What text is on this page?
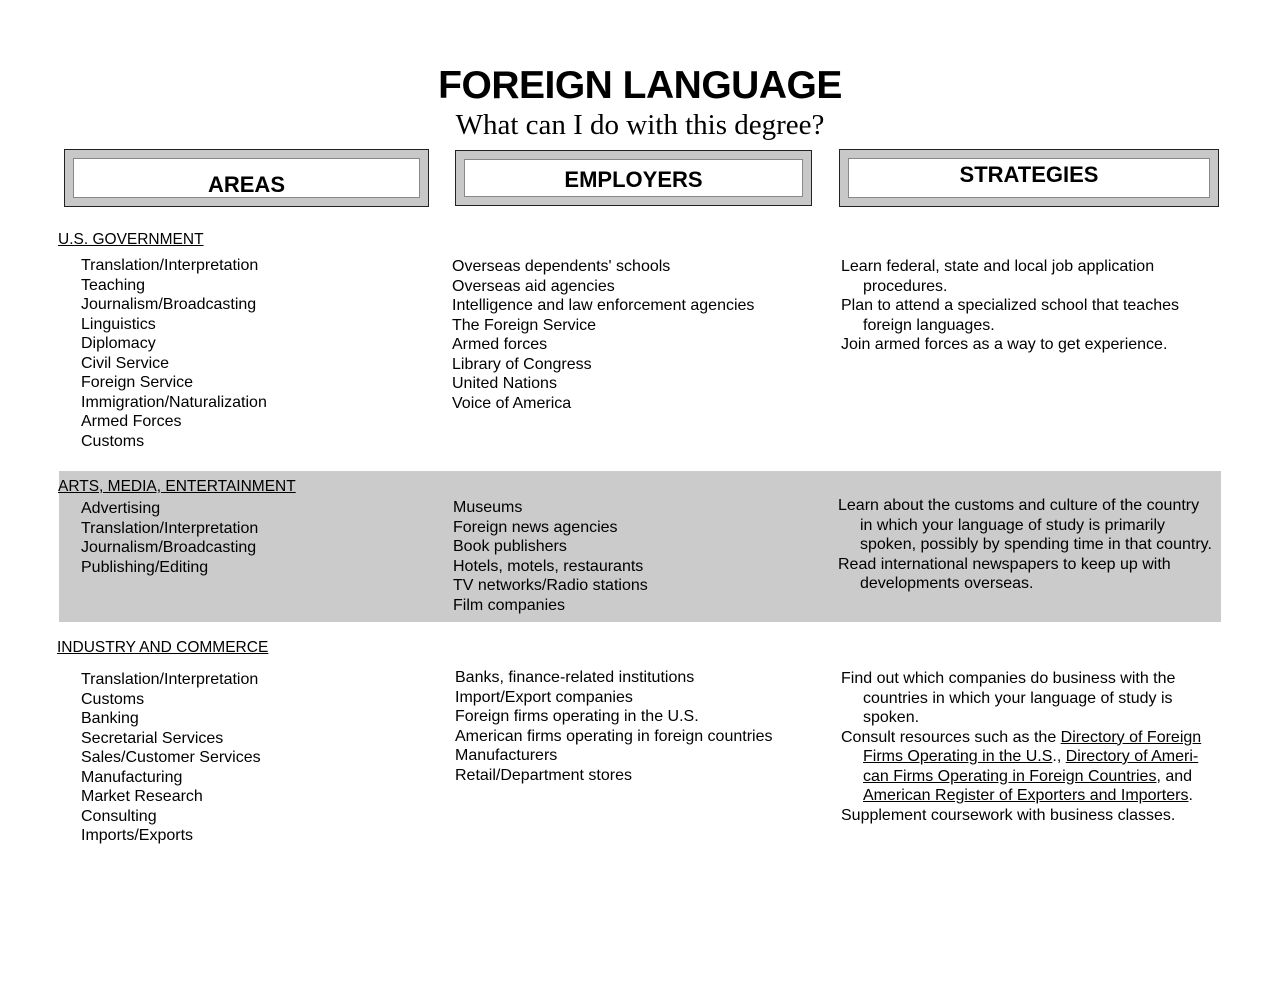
FOREIGN LANGUAGE
What can I do with this degree?
AREAS	EMPLOYERS	STRATEGIES
U.S. GOVERNMENT
Translation/Interpretation
Teaching
Journalism/Broadcasting
Linguistics
Diplomacy
Civil Service
Foreign Service
Immigration/Naturalization
Armed Forces
Customs
Overseas dependents' schools
Overseas aid agencies
Intelligence and law enforcement agencies
The Foreign Service
Armed forces
Library of Congress
United Nations
Voice of America
Learn federal, state and local job application
procedures.
Plan to attend a specialized school that teaches
foreign languages.
Join armed forces as a way to get experience.
ARTS, MEDIA, ENTERTAINMENT
Advertising
Translation/Interpretation
Journalism/Broadcasting
Publishing/Editing
Museums
Foreign news agencies
Book publishers
Hotels, motels, restaurants
TV networks/Radio stations
Film companies
Learn about the customs and culture of the country
in which your language of study is primarily
spoken, possibly by spending time in that country.
Read international newspapers to keep up with
developments overseas.
INDUSTRY AND COMMERCE
Translation/Interpretation
Customs
Banking
Secretarial Services
Sales/Customer Services
Manufacturing
Market Research
Consulting
Imports/Exports
Banks, finance-related institutions
Import/Export companies
Foreign firms operating in the U.S.
American firms operating in foreign countries
Manufacturers
Retail/Department stores
Find out which companies do business with the
countries in which your language of study is
spoken.
Consult resources such as the Directory of Foreign
Firms Operating in the U.S., Directory of Ameri-
can Firms Operating in Foreign Countries, and
American Register of Exporters and Importers.
Supplement coursework with business classes.
